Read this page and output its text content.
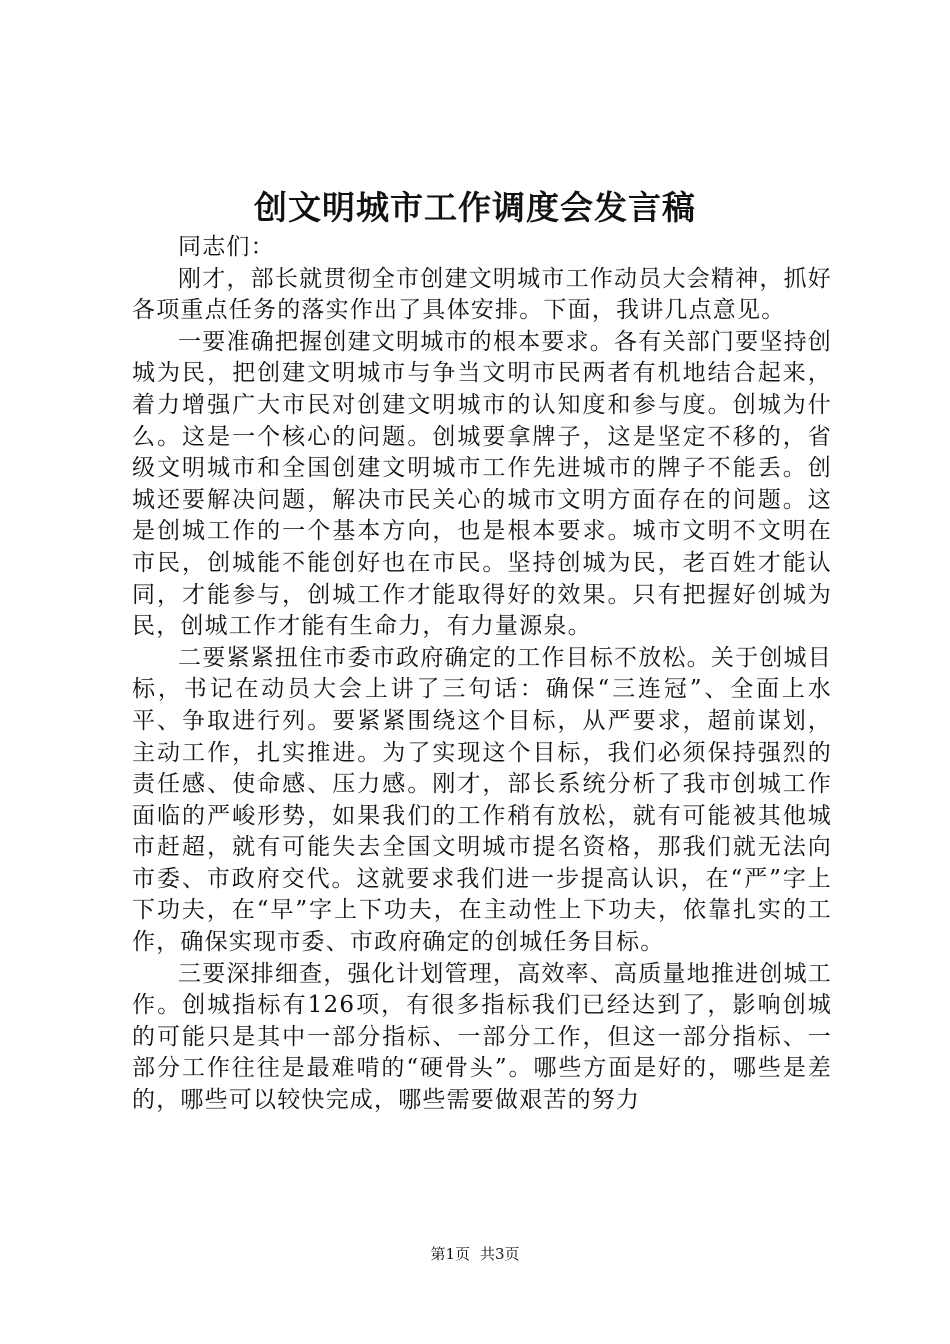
创文明城市工作调度会发言稿

同志们：

刚才，部长就贯彻全市创建文明城市工作动员大会精神，抓好各项重点任务的落实作出了具体安排。下面，我讲几点意见。

一要准确把握创建文明城市的根本要求。各有关部门要坚持创城为民，把创建文明城市与争当文明市民两者有机地结合起来，着力增强广大市民对创建文明城市的认知度和参与度。创城为什么。这是一个核心的问题。创城要拿牌子，这是坚定不移的，省级文明城市和全国创建文明城市工作先进城市的牌子不能丢。创城还要解决问题，解决市民关心的城市文明方面存在的问题。这是创城工作的一个基本方向，也是根本要求。城市文明不文明在市民，创城能不能创好也在市民。坚持创城为民，老百姓才能认同，才能参与，创城工作才能取得好的效果。只有把握好创城为民，创城工作才能有生命力，有力量源泉。

二要紧紧扭住市委市政府确定的工作目标不放松。关于创城目标，书记在动员大会上讲了三句话：确保“三连冠”、全面上水平、争取进行列。要紧紧围绕这个目标，从严要求，超前谋划，主动工作，扎实推进。为了实现这个目标，我们必须保持强烈的责任感、使命感、压力感。刚才，部长系统分析了我市创城工作面临的严峻形势，如果我们的工作稍有放松，就有可能被其他城市赶超，就有可能失去全国文明城市提名资格，那我们就无法向市委、市政府交代。这就要求我们进一步提高认识，在“严”字上下功夫，在“早”字上下功夫，在主动性上下功夫，依靠扎实的工作，确保实现市委、市政府确定的创城任务目标。

三要深排细查，强化计划管理，高效率、高质量地推进创城工作。创城指标有126项，有很多指标我们已经达到了，影响创城的可能只是其中一部分指标、一部分工作，但这一部分指标、一部分工作往往是最难啃的“硬骨头”。哪些方面是好的，哪些是差的，哪些可以较快完成，哪些需要做艰苦的努力

第1页 共3页
